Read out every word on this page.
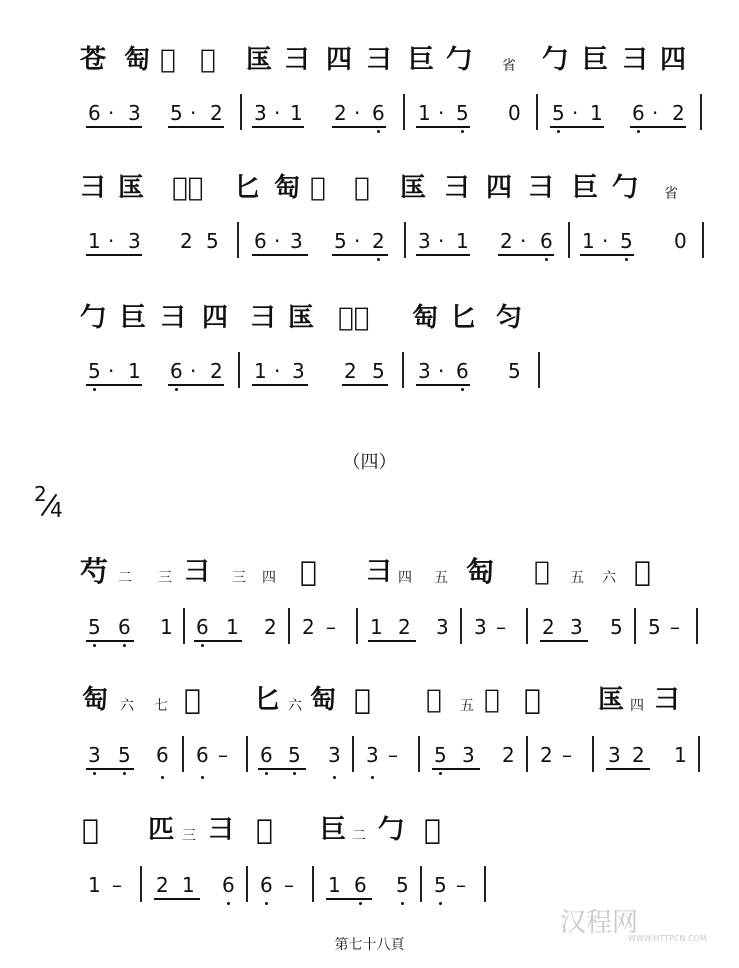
苍 匋 𠂭 𠕼 匤 彐 四 彐 巨 勹 省 勹 巨 彐 四
6 · 3 5 · 2 3 · 1 2 · 6 1 · 5 0 5 · 1 6 · 2
彐 匤 𠕼𠂭 匕 匋 𠂭 𠕼 匤 彐 四 彐 巨 勹 省
1 · 3 2 5 6 · 3 5 · 2 3 · 1 2 · 6 1 · 5 0
勹 巨 彐 四 彐 匤 𠕼𠂭 匋 匕 匀
5 · 1 6 · 2 1 · 3 2 5 3 · 6 5
（四）
2
4
芍 二 三 彐 三 四 𠕼 彐 四 五 匋 𠕼 五 六 𠕼
5 6 1 6 1 2 2 – 1 2 3 3 – 2 3 5 5 –
匋 六 七 𠕼 匕 六 匋 𠕼 𠂭 五 𠕼 𠕼 匤 四 彐
3 5 6 6 – 6 5 3 3 – 5 3 2 2 – 3 2 1
𠕼 匹 三 彐 𠕼 巨 二 勹 𠕼
1 – 2 1 6 6 – 1 6 5 5 –
第七十八頁
汉程网
WWW.HTTPCN.COM
